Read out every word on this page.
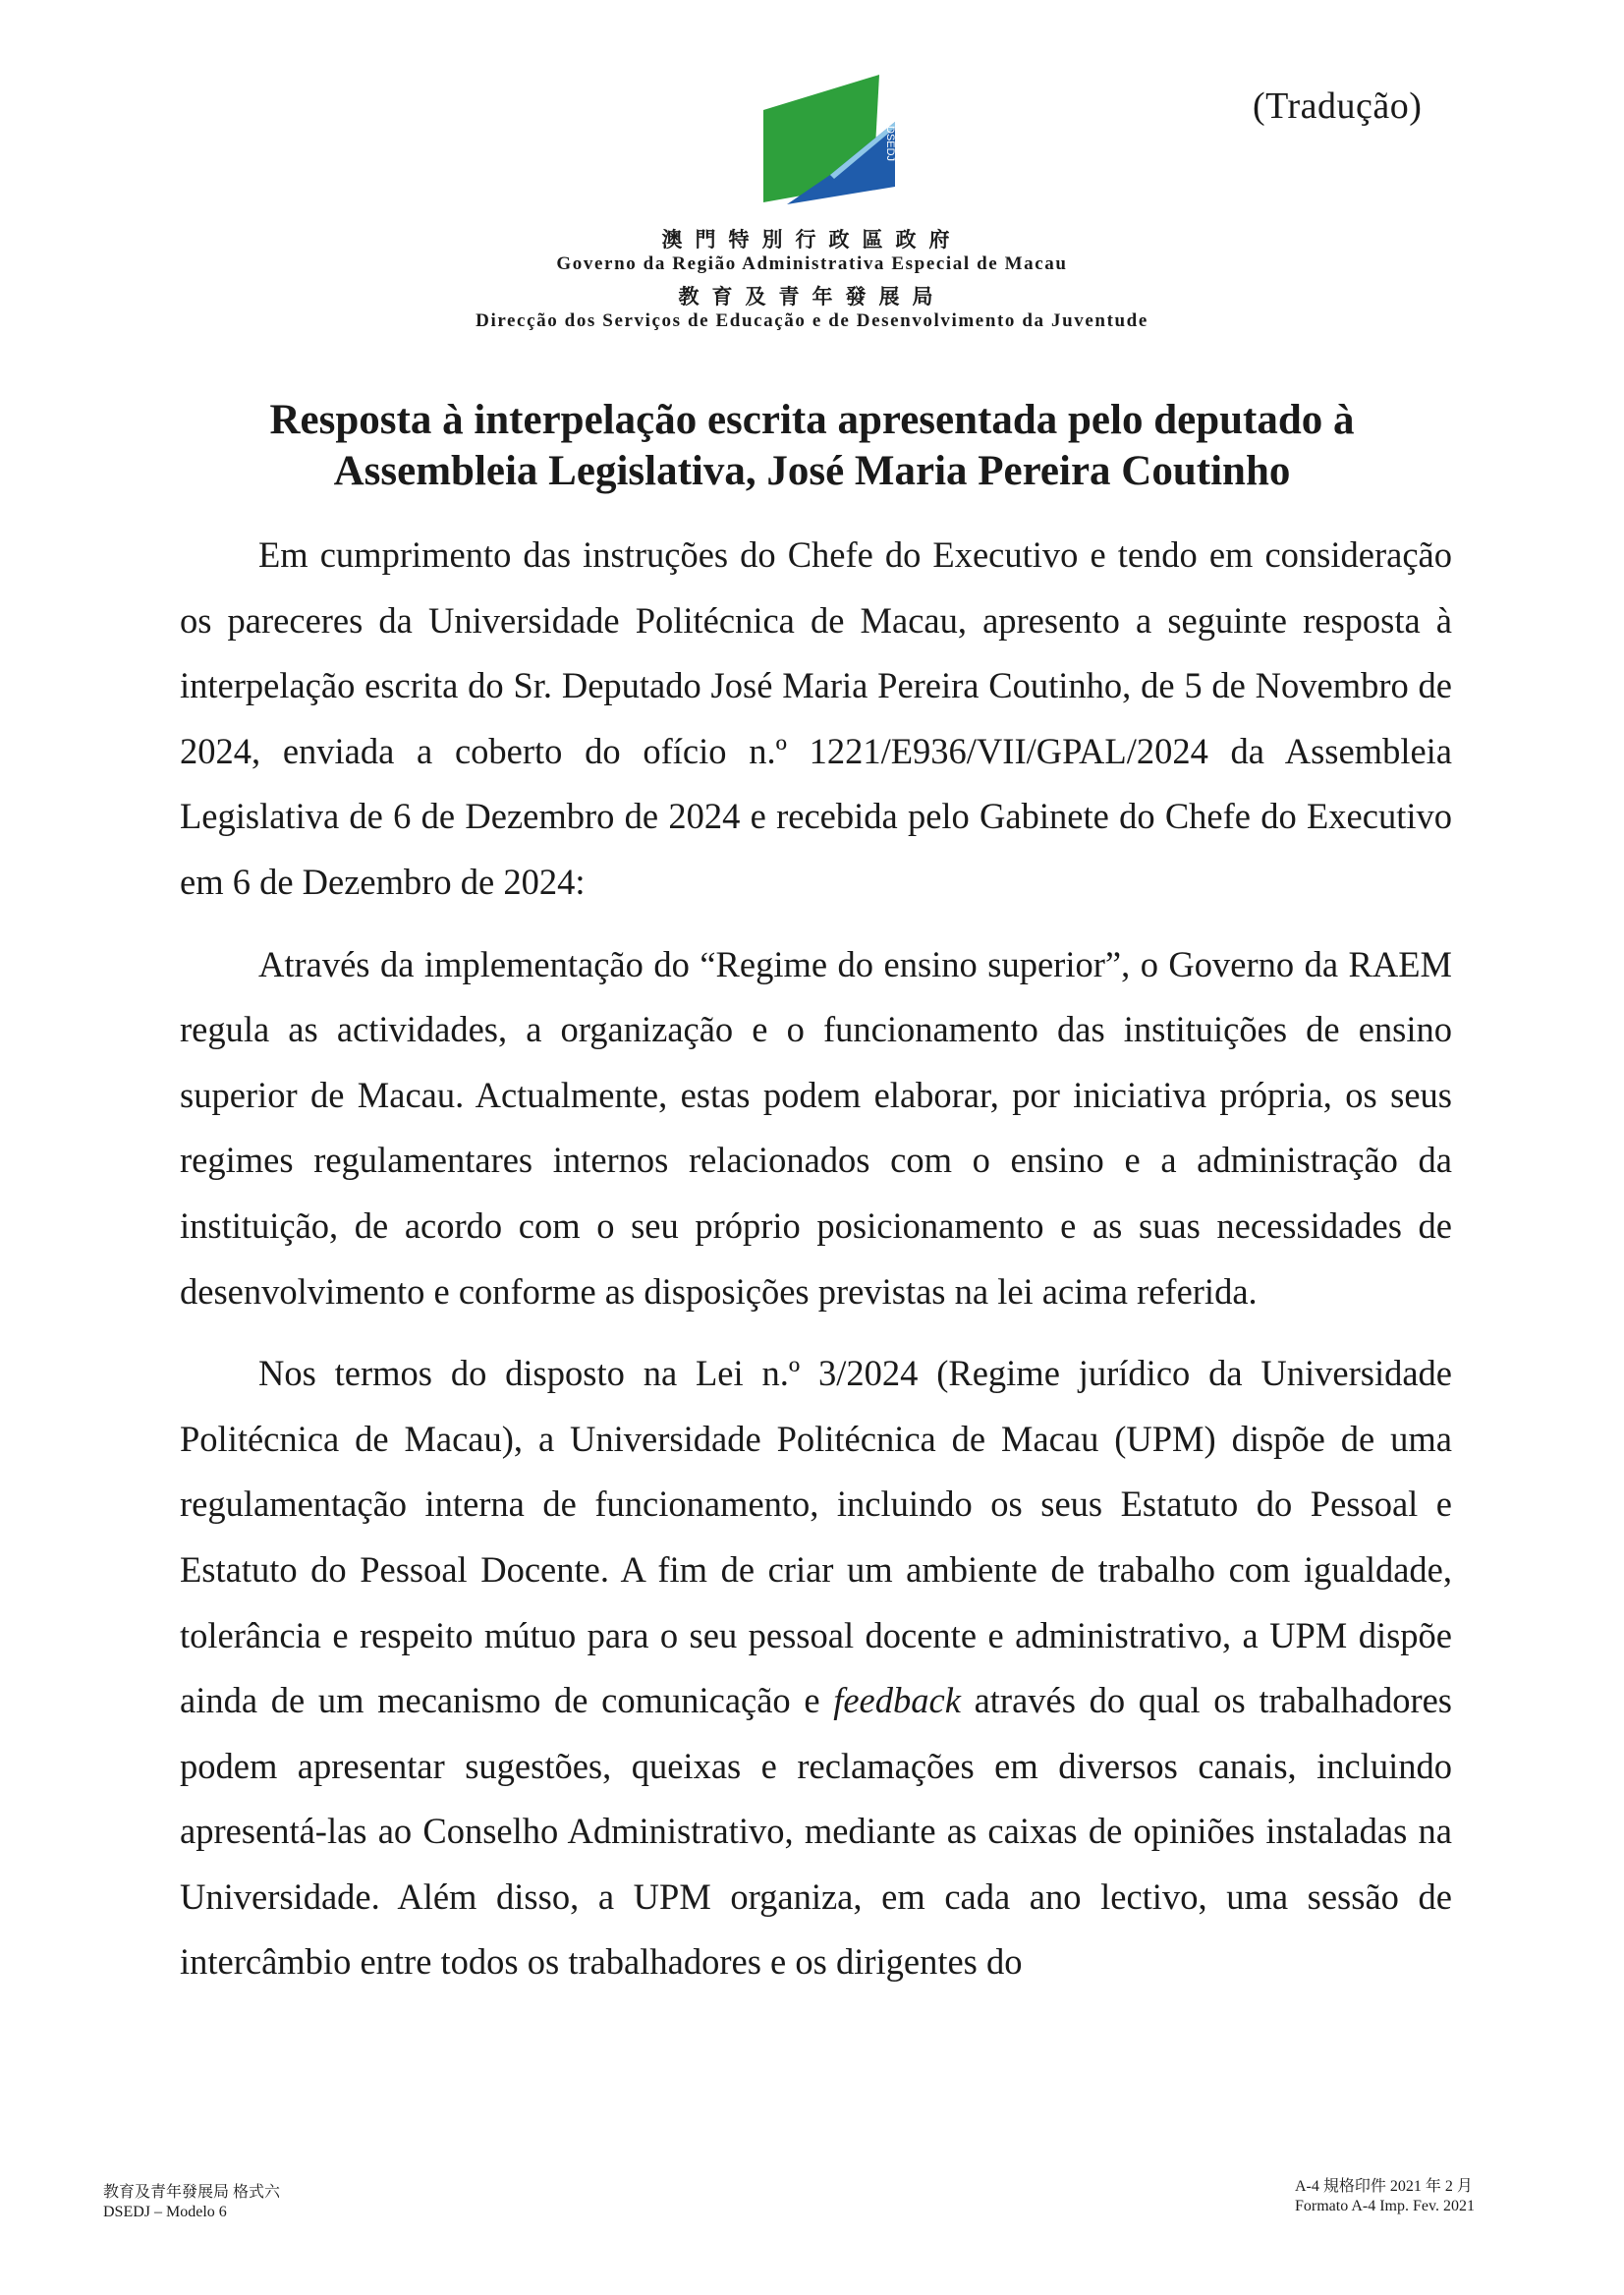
(Tradução)
DSEDJ
澳門特別行政區政府
Governo da Região Administrativa Especial de Macau
教育及青年發展局
Direcção dos Serviços de Educação e de Desenvolvimento da Juventude
Resposta à interpelação escrita apresentada pelo deputado à
Assembleia Legislativa, José Maria Pereira Coutinho

Em cumprimento das instruções do Chefe do Executivo e tendo em consideração os pareceres da Universidade Politécnica de Macau, apresento a seguinte resposta à interpelação escrita do Sr. Deputado José Maria Pereira Coutinho, de 5 de Novembro de 2024, enviada a coberto do ofício n.º 1221/E936/VII/GPAL/2024 da Assembleia Legislativa de 6 de Dezembro de 2024 e recebida pelo Gabinete do Chefe do Executivo em 6 de Dezembro de 2024:

Através da implementação do “Regime do ensino superior”, o Governo da RAEM regula as actividades, a organização e o funcionamento das instituições de ensino superior de Macau. Actualmente, estas podem elaborar, por iniciativa própria, os seus regimes regulamentares internos relacionados com o ensino e a administração da instituição, de acordo com o seu próprio posicionamento e as suas necessidades de desenvolvimento e conforme as disposições previstas na lei acima referida.

Nos termos do disposto na Lei n.º 3/2024 (Regime jurídico da Universidade Politécnica de Macau), a Universidade Politécnica de Macau (UPM) dispõe de uma regulamentação interna de funcionamento, incluindo os seus Estatuto do Pessoal e Estatuto do Pessoal Docente. A fim de criar um ambiente de trabalho com igualdade, tolerância e respeito mútuo para o seu pessoal docente e administrativo, a UPM dispõe ainda de um mecanismo de comunicação e feedback através do qual os trabalhadores podem apresentar sugestões, queixas e reclamações em diversos canais, incluindo apresentá-las ao Conselho Administrativo, mediante as caixas de opiniões instaladas na Universidade. Além disso, a UPM organiza, em cada ano lectivo, uma sessão de intercâmbio entre todos os trabalhadores e os dirigentes do

教育及青年發展局 格式六
DSEDJ – Modelo 6
A-4 規格印件 2021 年 2 月
Formato A-4 Imp. Fev. 2021
